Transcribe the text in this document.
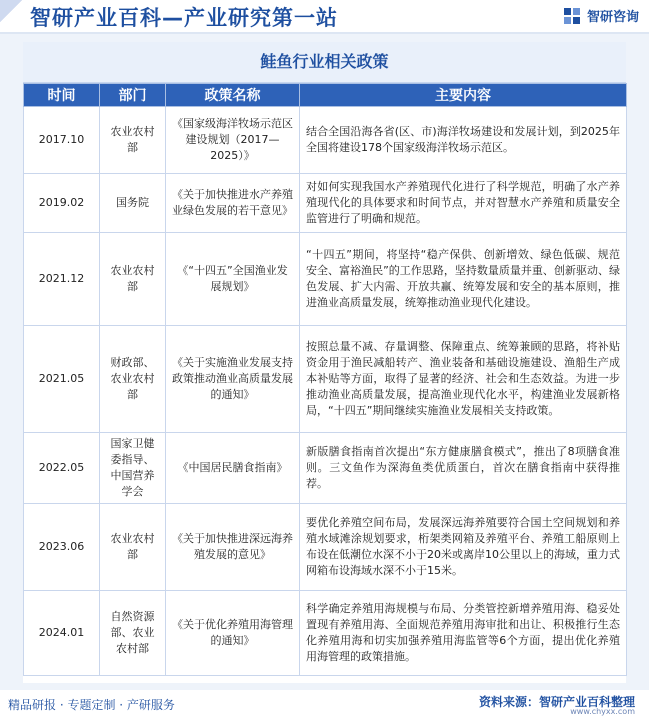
智研产业百科—产业研究第一站	智研咨询
鲑鱼行业相关政策
时间	部门	政策名称	主要内容
2017.10	农业农村部	《国家级海洋牧场示范区建设规划（2017—2025）》	结合全国沿海各省(区、市)海洋牧场建设和发展计划，到2025年全国将建设178个国家级海洋牧场示范区。
2019.02	国务院	《关于加快推进水产养殖业绿色发展的若干意见》	对如何实现我国水产养殖现代化进行了科学规范，明确了水产养殖现代化的具体要求和时间节点，并对智慧水产养殖和质量安全监管进行了明确和规范。
2021.12	农业农村部	《“十四五”全国渔业发展规划》	“十四五”期间，将坚持“稳产保供、创新增效、绿色低碳、规范安全、富裕渔民”的工作思路，坚持数量质量并重、创新驱动、绿色发展、扩大内需、开放共赢、统筹发展和安全的基本原则，推进渔业高质量发展，统筹推动渔业现代化建设。
2021.05	财政部、农业农村部	《关于实施渔业发展支持政策推动渔业高质量发展的通知》	按照总量不减、存量调整、保障重点、统筹兼顾的思路，将补贴资金用于渔民减船转产、渔业装备和基础设施建设、渔船生产成本补贴等方面，取得了显著的经济、社会和生态效益。为进一步推动渔业高质量发展，提高渔业现代化水平，构建渔业发展新格局，“十四五”期间继续实施渔业发展相关支持政策。
2022.05	国家卫健委指导、中国营养学会	《中国居民膳食指南》	新版膳食指南首次提出“东方健康膳食模式”，推出了8项膳食准则。三文鱼作为深海鱼类优质蛋白，首次在膳食指南中获得推荐。
2023.06	农业农村部	《关于加快推进深远海养殖发展的意见》	要优化养殖空间布局，发展深远海养殖要符合国土空间规划和养殖水域滩涂规划要求，桁架类网箱及养殖平台、养殖工船原则上布设在低潮位水深不小于20米或离岸10公里以上的海域，重力式网箱布设海域水深不小于15米。
2024.01	自然资源部、农业农村部	《关于优化养殖用海管理的通知》	科学确定养殖用海规模与布局、分类管控新增养殖用海、稳妥处置现有养殖用海、全面规范养殖用海审批和出让、积极推行生态化养殖用海和切实加强养殖用海监管等6个方面，提出优化养殖用海管理的政策措施。
精品研报 · 专题定制 · 产研服务	资料来源：智研产业百科整理
www.chyxx.com
